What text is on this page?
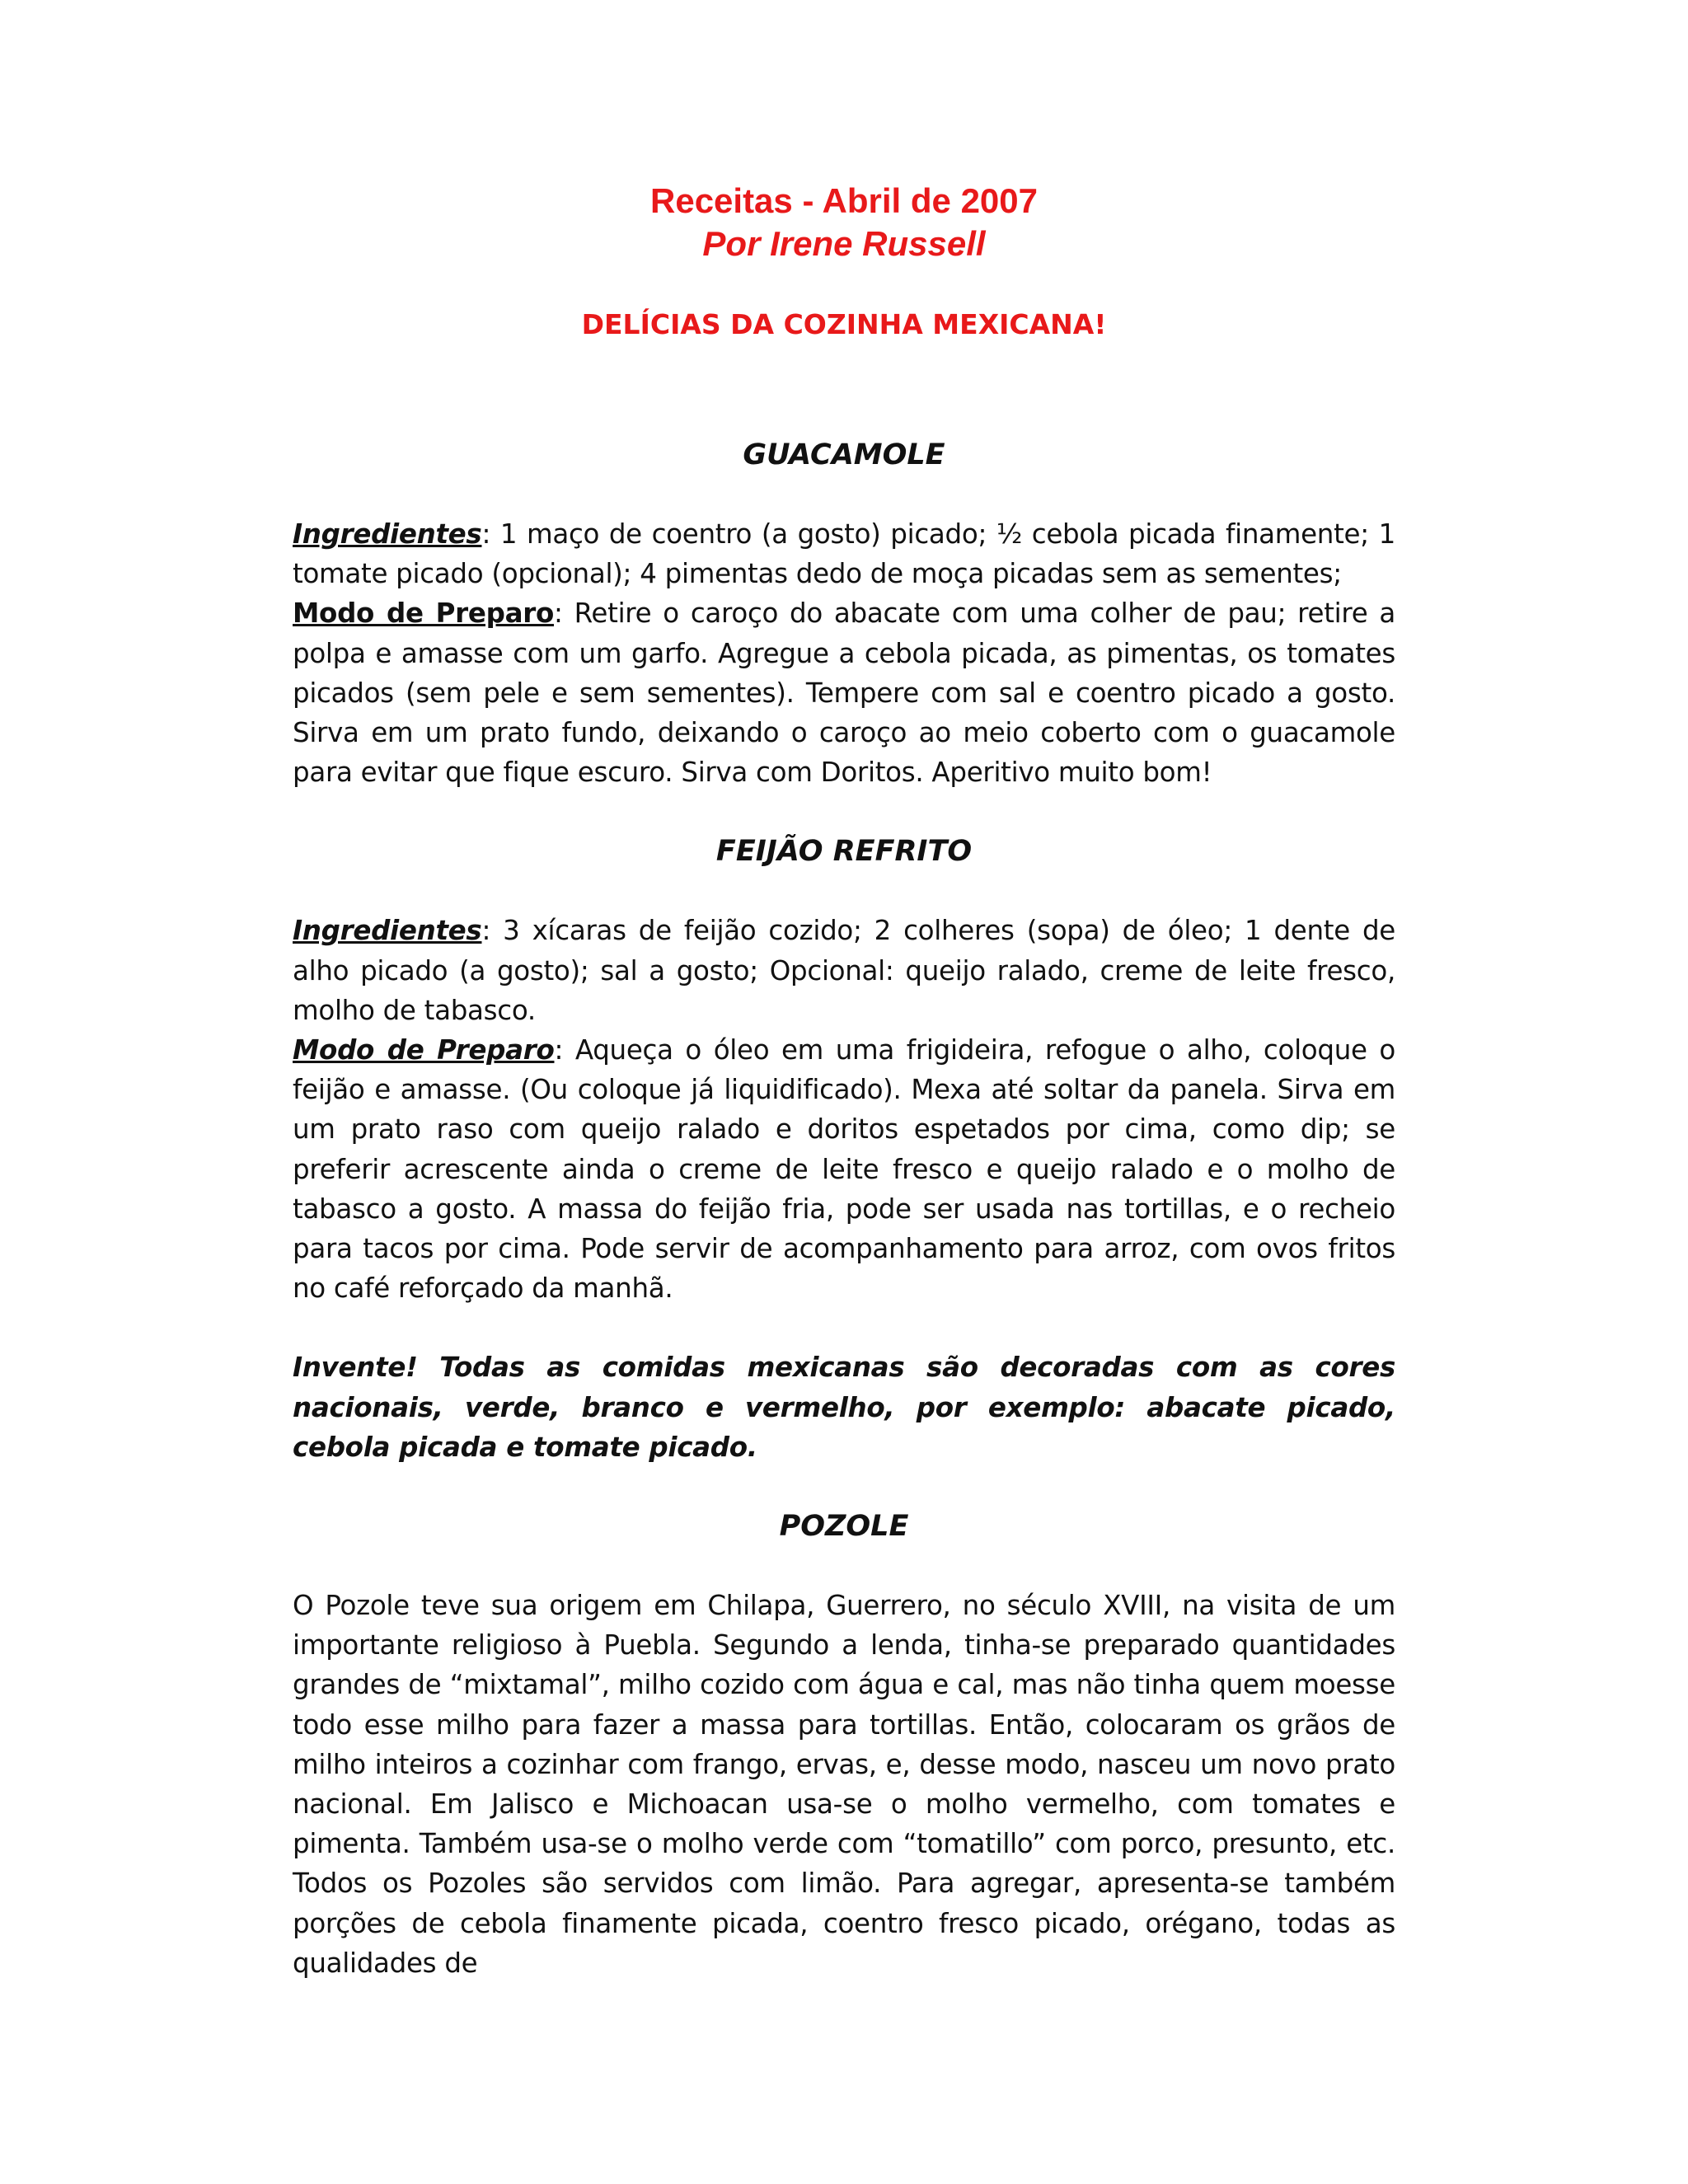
Receitas - Abril de 2007

Por Irene Russell

DELÍCIAS DA COZINHA MEXICANA!

GUACAMOLE

Ingredientes: 1 maço de coentro (a gosto) picado; ½ cebola picada finamente; 1 tomate picado (opcional); 4 pimentas dedo de moça picadas sem as sementes;

Modo de Preparo: Retire o caroço do abacate com uma colher de pau; retire a polpa e amasse com um garfo. Agregue a cebola picada, as pimentas, os tomates picados (sem pele e sem sementes). Tempere com sal e coentro picado a gosto. Sirva em um prato fundo, deixando o caroço ao meio coberto com o guacamole para evitar que fique escuro. Sirva com Doritos. Aperitivo muito bom!

FEIJÃO REFRITO

Ingredientes: 3 xícaras de feijão cozido; 2 colheres (sopa) de óleo; 1 dente de alho picado (a gosto); sal a gosto; Opcional: queijo ralado, creme de leite fresco, molho de tabasco.

Modo de Preparo: Aqueça o óleo em uma frigideira, refogue o alho, coloque o feijão e amasse. (Ou coloque já liquidificado). Mexa até soltar da panela. Sirva em um prato raso com queijo ralado e doritos espetados por cima, como dip; se preferir acrescente ainda o creme de leite fresco e queijo ralado e o molho de tabasco a gosto. A massa do feijão fria, pode ser usada nas tortillas, e o recheio para tacos por cima. Pode servir de acompanhamento para arroz, com ovos fritos no café reforçado da manhã.

Invente! Todas as comidas mexicanas são decoradas com as cores nacionais, verde, branco e vermelho, por exemplo: abacate picado, cebola picada e tomate picado.

POZOLE

O Pozole teve sua origem em Chilapa, Guerrero, no século XVIII, na visita de um importante religioso à Puebla. Segundo a lenda, tinha-se preparado quantidades grandes de “mixtamal”, milho cozido com água e cal, mas não tinha quem moesse todo esse milho para fazer a massa para tortillas. Então, colocaram os grãos de milho inteiros a cozinhar com frango, ervas, e, desse modo, nasceu um novo prato nacional. Em Jalisco e Michoacan usa-se o molho vermelho, com tomates e pimenta. Também usa-se o molho verde com “tomatillo” com porco, presunto, etc. Todos os Pozoles são servidos com limão. Para agregar, apresenta-se também porções de cebola finamente picada, coentro fresco picado, orégano, todas as qualidades de
